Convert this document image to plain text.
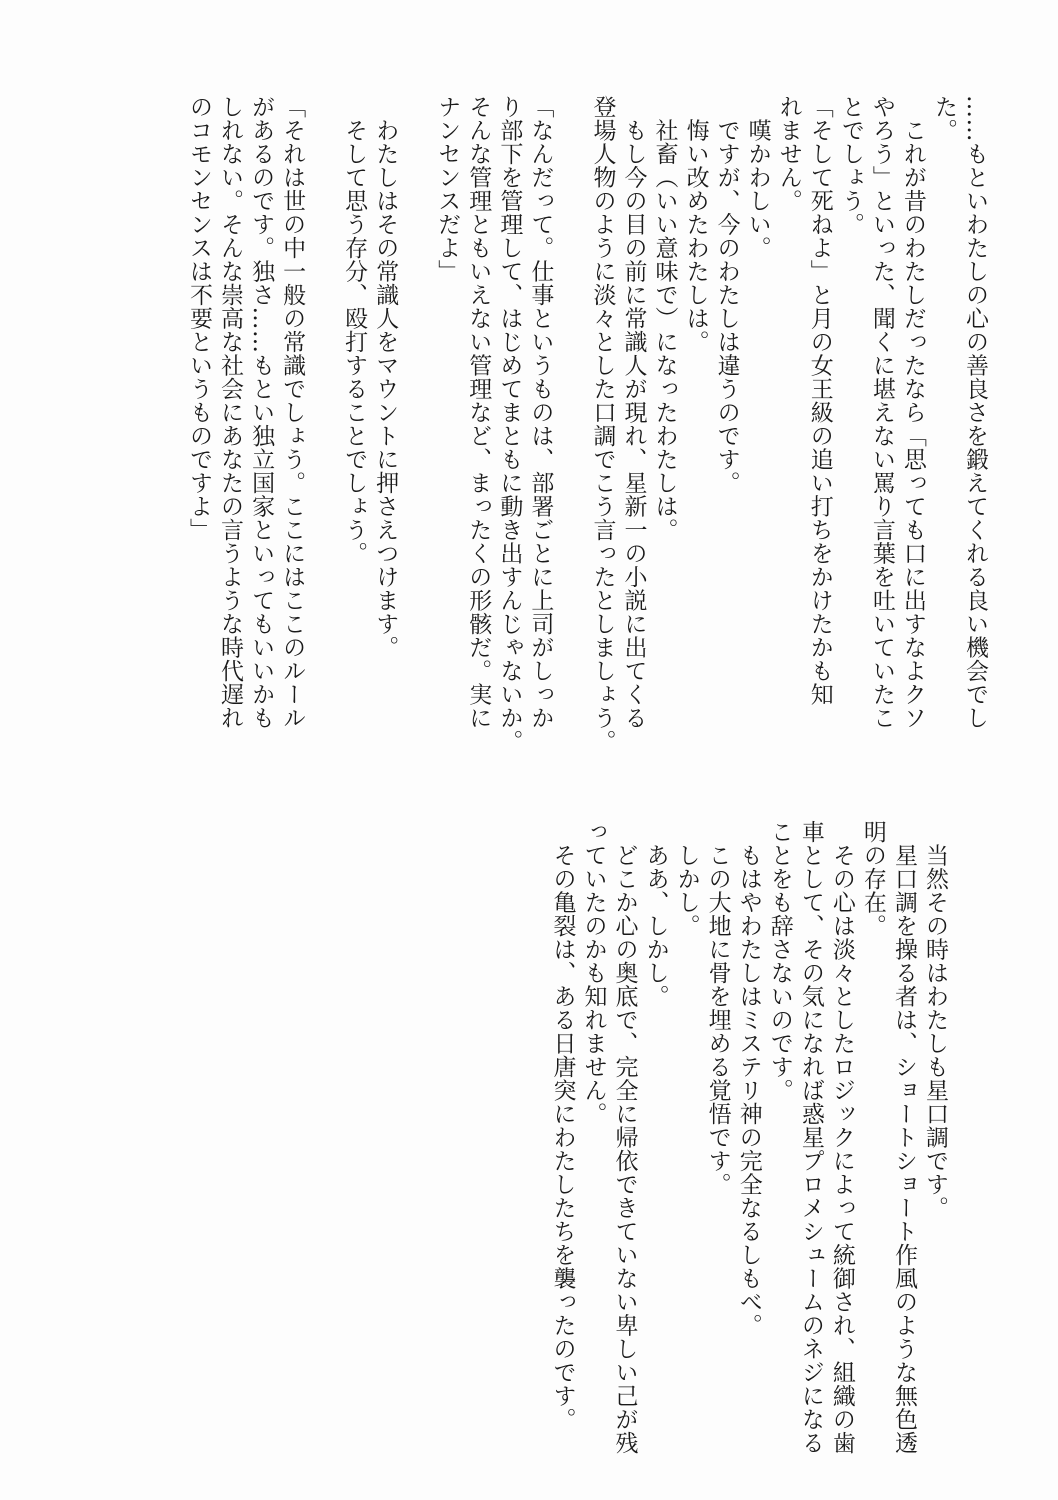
……もといわたしの心の善良さを鍛えてくれる良い機会でし
た。
　これが昔のわたしだったなら「思っても口に出すなよクソ
やろう」といった、聞くに堪えない罵り言葉を吐いていたこ
とでしょう。
「そして死ねよ」と月の女王級の追い打ちをかけたかも知
れません。
　嘆かわしい。
　ですが、今のわたしは違うのです。
　悔い改めたわたしは。
　社畜（いい意味で）になったわたしは。
　もし今の目の前に常識人が現れ、星新一の小説に出てくる
登場人物のように淡々とした口調でこう言ったとしましょう。
「なんだって。仕事というものは、部署ごとに上司がしっか
り部下を管理して、はじめてまともに動き出すんじゃないか。
そんな管理ともいえない管理など、まったくの形骸だ。実に
ナンセンスだよ」
　わたしはその常識人をマウントに押さえつけます。
　そして思う存分、殴打することでしょう。
「それは世の中一般の常識でしょう。ここにはここのルール
があるのです。独さ……もとい独立国家といってもいいかも
しれない。そんな崇高な社会にあなたの言うような時代遅れ
のコモンセンスは不要というものですよ」
　当然その時はわたしも星口調です。
　星口調を操る者は、ショートショート作風のような無色透
明の存在。
　その心は淡々としたロジックによって統御され、組織の歯
車として、その気になれば惑星プロメシュームのネジになる
ことをも辞さないのです。
　もはやわたしはミステリ神の完全なるしもべ。
　この大地に骨を埋める覚悟です。
　しかし。
　ああ、しかし。
　どこか心の奥底で、完全に帰依できていない卑しい己が残
っていたのかも知れません。
　その亀裂は、ある日唐突にわたしたちを襲ったのです。
